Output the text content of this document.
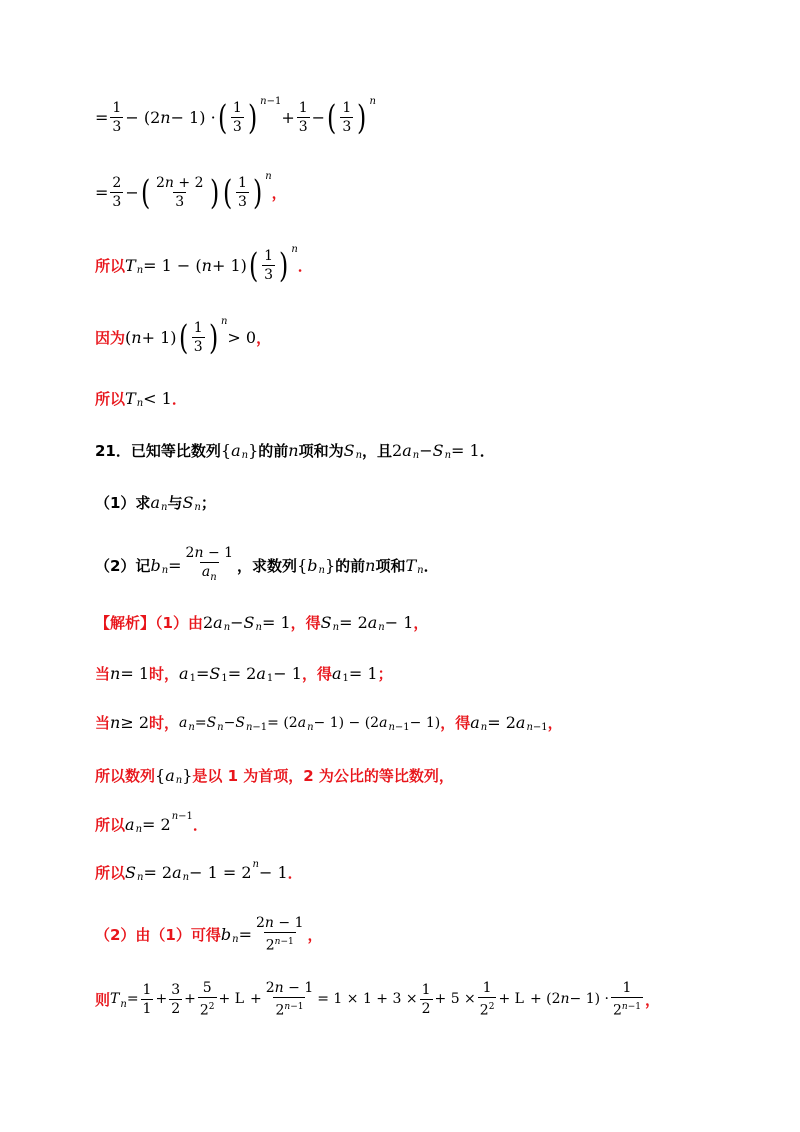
= $\frac{1}{3} - (2$ n − 1) · ( $\frac{1}{3}$ ) n−1
+ $\frac{1}{3}$ − ( $\frac{1}{3}$ ) n
= $\frac{2}{3}$ − ( $\frac{2n + 2}{3}$ ) ( $\frac{1}{3}$ ) n
，
所以 T n = 1 − ( n + 1) ( $\frac{1}{3}$ ) n
．
因为 ( n + 1) ( $\frac{1}{3}$ ) n
> 0 ，
所以 T n < 1 ．
21．已知等比数列 { a n } 的前 n 项和为 S n ，且 2 a n − S n = 1 ．
（1）求 a n 与 S n ；
（2）记 b $n = \frac{2n - 1}{a_n}$ ，求数列 { b n } 的前 n 项和 T n ．
【解析】（1）由 2 a n − S n = 1 ，得 S n = 2 a n − 1 ，
当 n = 1 时， a 1 = S 1 = 2 a 1 − 1 ，得 a 1 = 1 ；
当 n ≥ 2 时， a n = S n − S n−1 = (2 a n − 1) − (2 a n−1 − 1) ，得 a n = 2 a n−1 ，
所以数列 { a n } 是以 1 为首项，2 为公比的等比数列，
所以 a n = 2 n−1 ．
所以 S n = 2 a n − 1 = 2 n − 1 ．
（2）由（1）可得 b $n = \frac{2n - 1}{2^{n-1}}$ ，
则 T $n = \frac{1}{1} + \frac{3}{2} + \frac{5}{2^2} + L$
+ $\frac{2n - 1}{2^{n-1}} = 1 \times 1 + 3 \times \frac{1}{2} + 5 \times \frac{1}{2^2} + L$
+ (2 $n - 1) \cdot \frac{1}{2^{n-1}}$ ，
